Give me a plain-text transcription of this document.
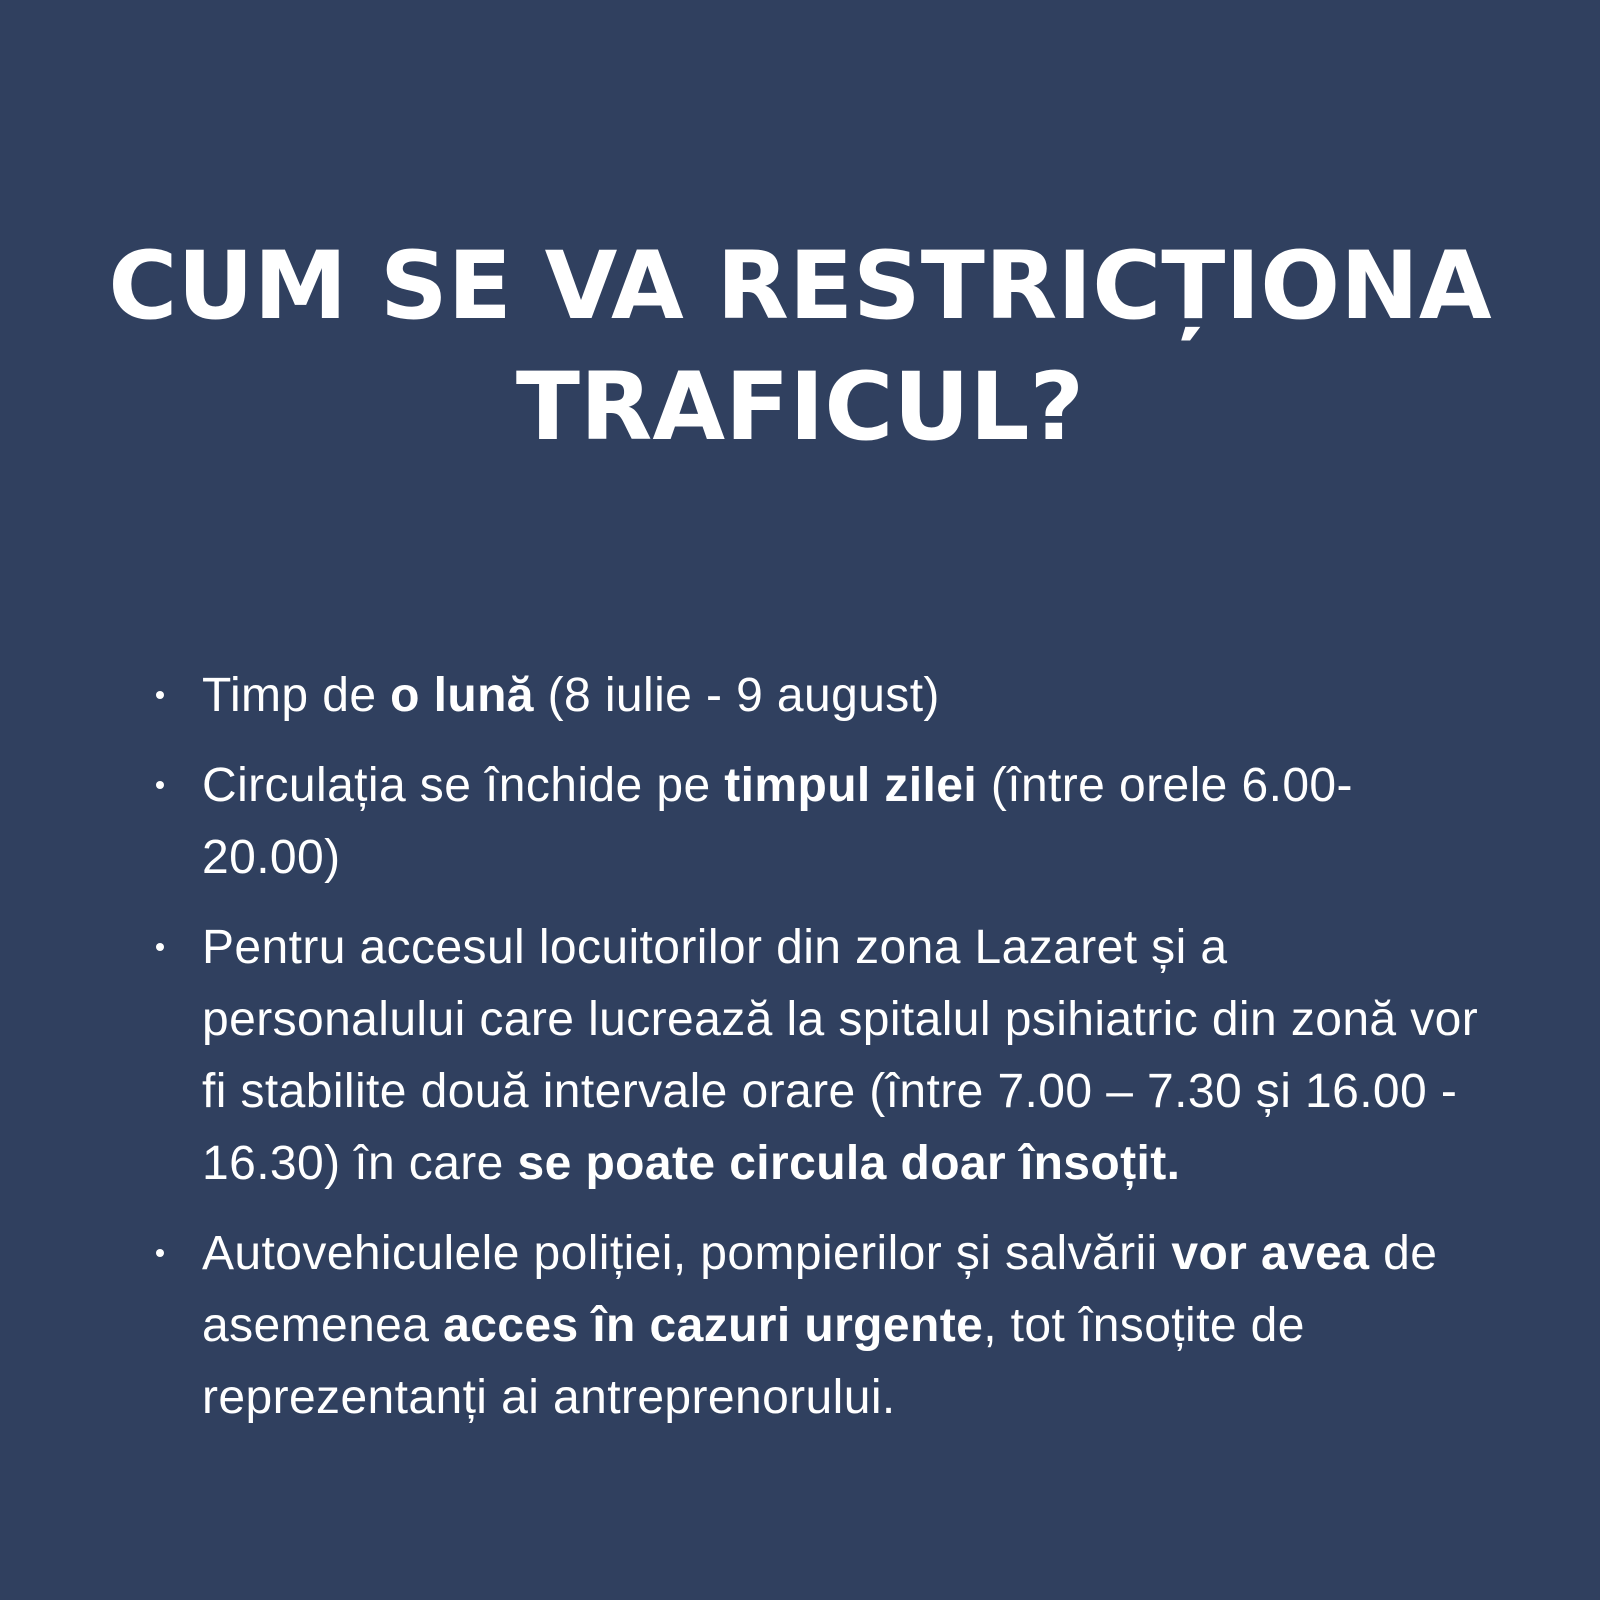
CUM SE VA RESTRICȚIONA
TRAFICUL?
Timp de o lună (8 iulie - 9 august)
Circulația se închide pe timpul zilei (între orele 6.00- 20.00)
Pentru accesul locuitorilor din zona Lazaret și a personalului care lucrează la spitalul psihiatric din zonă vor fi stabilite două intervale orare (între 7.00 – 7.30 și 16.00 - 16.30) în care se poate circula doar însoțit.
Autovehiculele poliției, pompierilor și salvării vor avea de asemenea acces în cazuri urgente, tot însoțite de reprezentanți ai antreprenorului.
